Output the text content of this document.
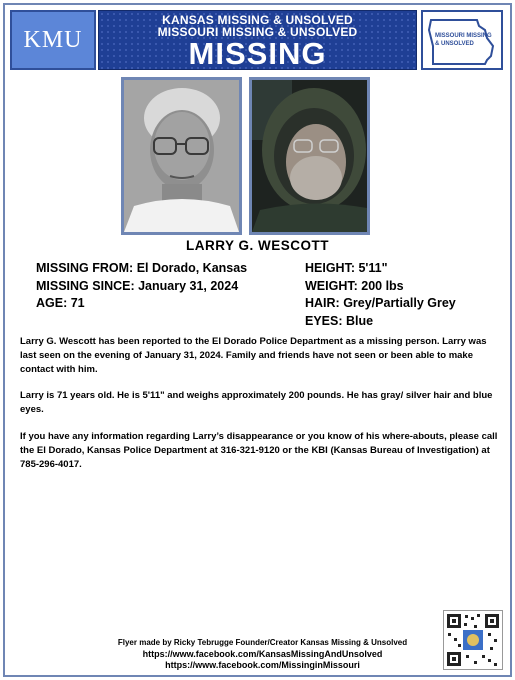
KMU
KANSAS MISSING & UNSOLVED
MISSOURI MISSING & UNSOLVED
MISSING	MISSOURI MISSING & UNSOLVED
LARRY G. WESCOTT
MISSING FROM: El Dorado, Kansas
MISSING SINCE: January 31, 2024
AGE: 71
HEIGHT: 5'11"
WEIGHT: 200 lbs
HAIR: Grey/Partially Grey
EYES: Blue
Larry G. Wescott has been reported to the El Dorado Police Department as a missing person. Larry was last seen on the evening of January 31, 2024. Family and friends have not seen or been able to make contact with him.
Larry is 71 years old. He is 5'11" and weighs approximately 200 pounds. He has gray/ silver hair and blue eyes.
If you have any information regarding Larry’s disappearance or you know of his where-abouts, please call the El Dorado, Kansas Police Department at 316-321-9120 or the KBI (Kansas Bureau of Investigation) at 785-296-4017.
Flyer made by Ricky Tebrugge Founder/Creator Kansas Missing & Unsolved
https://www.facebook.com/KansasMissingAndUnsolved
https://www.facebook.com/MissinginMissouri
